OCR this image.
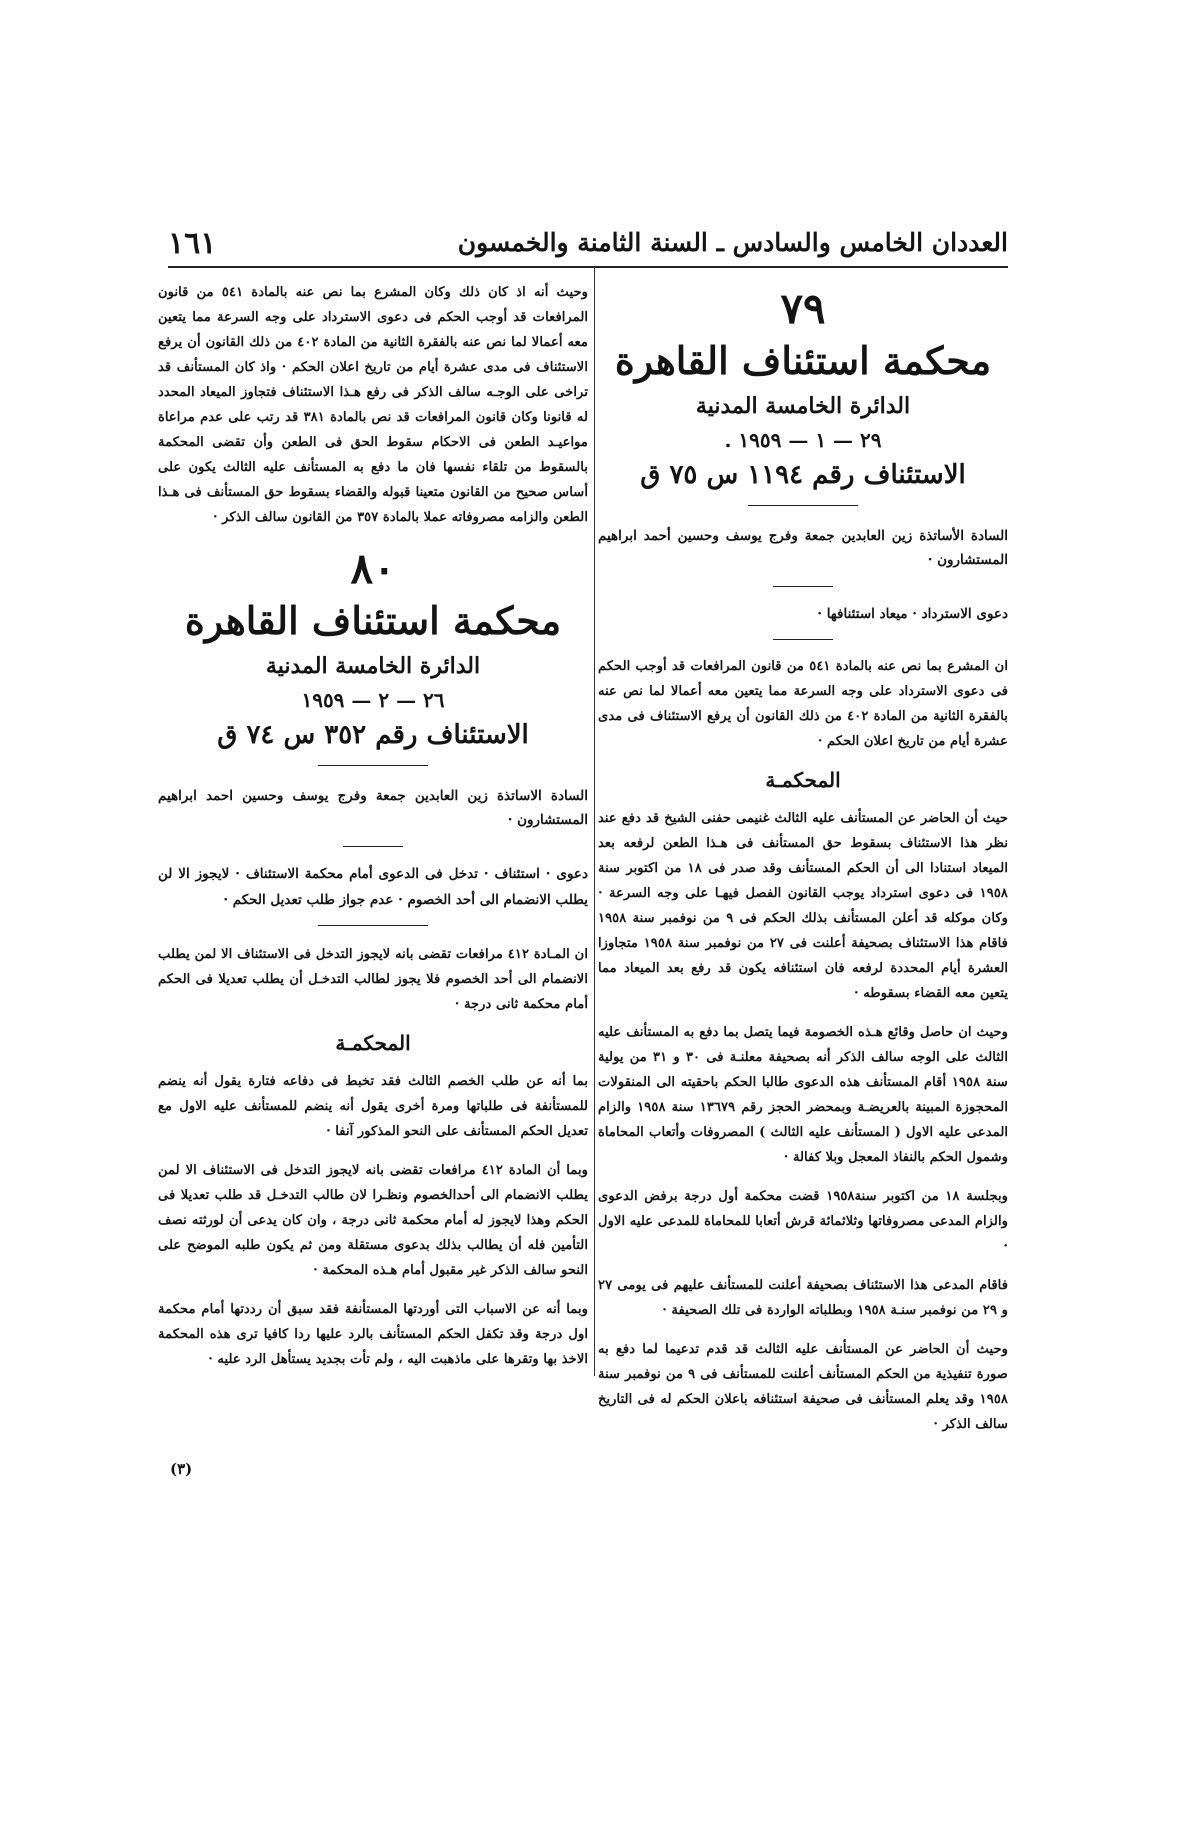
١٦١	العددان الخامس والسادس ـ السنة الثامنة والخمسون

٧٩

محكمة استئناف القاهرة

الدائرة الخامسة المدنية

٢٩ — ١ — ١٩٥٩ .

الاستئناف رقم ١١٩٤ س ٧٥ ق

السادة الأساتذة زين العابدين جمعة وفرج يوسف وحسين أحمد ابراهيم المستشارون ·

دعوى الاسترداد · ميعاد استئنافها ·

ان المشرع بما نص عنه بالمادة ٥٤١ من قانون المرافعات قد أوجب الحكم فى دعوى الاسترداد على وجه السرعة مما يتعين معه أعمالا لما نص عنه بالفقرة الثانية من المادة ٤٠٢ من ذلك القانون أن يرفع الاستئناف فى مدى عشرة أيام من تاريخ اعلان الحكم ·

المحكمـة

حيث أن الحاضر عن المستأنف عليه الثالث غنيمى حفنى الشيخ قد دفع عند نظر هذا الاستئناف بسقوط حق المستأنف فى هـذا الطعن لرفعه بعد الميعاد استنادا الى أن الحكم المستأنف وقد صدر فى ١٨ من اكتوبر سنة ١٩٥٨ فى دعوى استرداد يوجب القانون الفصل فيهـا على وجه السرعة · وكان موكله قد أعلن المستأنف بذلك الحكم فى ٩ من نوفمبر سنة ١٩٥٨ فاقام هذا الاستئناف بصحيفة أعلنت فى ٢٧ من نوفمبر سنة ١٩٥٨ متجاوزا العشرة أيام المحددة لرفعه فان استئنافه يكون قد رفع بعد الميعاد مما يتعين معه القضاء بسقوطه ·

وحيث ان حاصل وقائع هـذه الخصومة فيما يتصل بما دفع به المستأنف عليه الثالث على الوجه سالف الذكر أنه بصحيفة معلنـة فى ٣٠ و ٣١ من يولية سنة ١٩٥٨ أقام المستأنف هذه الدعوى طالبا الحكم باحقيته الى المنقولات المحجوزة المبينة بالعريضـة وبمحضر الحجز رقم ١٣٦٧٩ سنة ١٩٥٨ والزام المدعى عليه الاول ( المستأنف عليه الثالث ) المصروفات وأتعاب المحاماة وشمول الحكم بالنفاذ المعجل وبلا كفالة ·

وبجلسة ١٨ من اكتوبر سنة١٩٥٨ قضت محكمة أول درجة برفض الدعوى والزام المدعى مصروفاتها وثلاثمائة قرش أتعابا للمحاماة للمدعى عليه الاول ·

فاقام المدعى هذا الاستئناف بصحيفة أعلنت للمستأنف عليهم فى يومى ٢٧ و ٢٩ من نوفمبر سنـة ١٩٥٨ وبطلباته الواردة فى تلك الصحيفة ·

وحيث أن الحاضر عن المستأنف عليه الثالث قد قدم تدعيما لما دفع به صورة تنفيذية من الحكم المستأنف أعلنت للمستأنف فى ٩ من نوفمبر سنة ١٩٥٨ وقد يعلم المستأنف فى صحيفة استئنافه باعلان الحكم له فى التاريخ سالف الذكر ·

وحيث أنه اذ كان ذلك وكان المشرع بما نص عنه بالمادة ٥٤١ من قانون المرافعات قد أوجب الحكم فى دعوى الاسترداد على وجه السرعة مما يتعين معه أعمالا لما نص عنه بالفقرة الثانية من المادة ٤٠٢ من ذلك القانون أن يرفع الاستئناف فى مدى عشرة أيام من تاريخ اعلان الحكم · واذ كان المستأنف قد تراخى على الوجـه سالف الذكر فى رفع هـذا الاستئناف فتجاوز الميعاد المحدد له قانونا وكان قانون المرافعات قد نص بالمادة ٣٨١ قد رتب على عدم مراعاة مواعيـد الطعن فى الاحكام سقوط الحق فى الطعن وأن تقضى المحكمة بالسقوط من تلقاء نفسها فان ما دفع به المستأنف عليه الثالث يكون على أساس صحيح من القانون متعينا قبوله والقضاء بسقوط حق المستأنف فى هـذا الطعن والزامه مصروفاته عملا بالمادة ٣٥٧ من القانون سالف الذكر ·

٨٠

محكمة استئناف القاهرة

الدائرة الخامسة المدنية

٢٦ — ٢ — ١٩٥٩

الاستئناف رقم ٣٥٢ س ٧٤ ق

السادة الاساتذة زين العابدين جمعة وفرج يوسف وحسين احمد ابراهيم المستشارون ·

دعوى · استئناف · تدخل فى الدعوى أمام محكمة الاستئناف · لايجوز الا لن يطلب الانضمام الى أحد الخصوم · عدم جواز طلب تعديل الحكم ·

ان المـادة ٤١٢ مرافعات تقضى بانه لايجوز التدخل فى الاستئناف الا لمن يطلب الانضمام الى أحد الخصوم فلا يجوز لطالب التدخـل أن يطلب تعديلا فى الحكم أمام محكمة ثانى درجة ·

المحكمـة

بما أنه عن طلب الخصم الثالث فقد تخبط فى دفاعه فتارة يقول أنه ينضم للمستأنفة فى طلباتها ومرة أخرى يقول أنه ينضم للمستأنف عليه الاول مع تعديل الحكم المستأنف على النحو المذكور آنفا ·

وبما أن المادة ٤١٢ مرافعات تقضى بانه لايجوز التدخل فى الاستئناف الا لمن يطلب الانضمام الى أحدالخصوم ونظـرا لان طالب التدخـل قد طلب تعديلا فى الحكم وهذا لايجوز له أمام محكمة ثانى درجة ، وان كان يدعى أن لورثته نصف التأمين فله أن يطالب بذلك بدعوى مستقلة ومن ثم يكون طلبه الموضح على النحو سالف الذكر غير مقبول أمام هـذه المحكمة ·

وبما أنه عن الاسباب التى أوردتها المستأنفة فقد سبق أن رددتها أمام محكمة اول درجة وقد تكفل الحكم المستأنف بالرد عليها ردا كافيا ترى هذه المحكمة الاخذ بها وتقرها على ماذهبت اليه ، ولم تأت بجديد يستأهل الرد عليه ·

(٣)
